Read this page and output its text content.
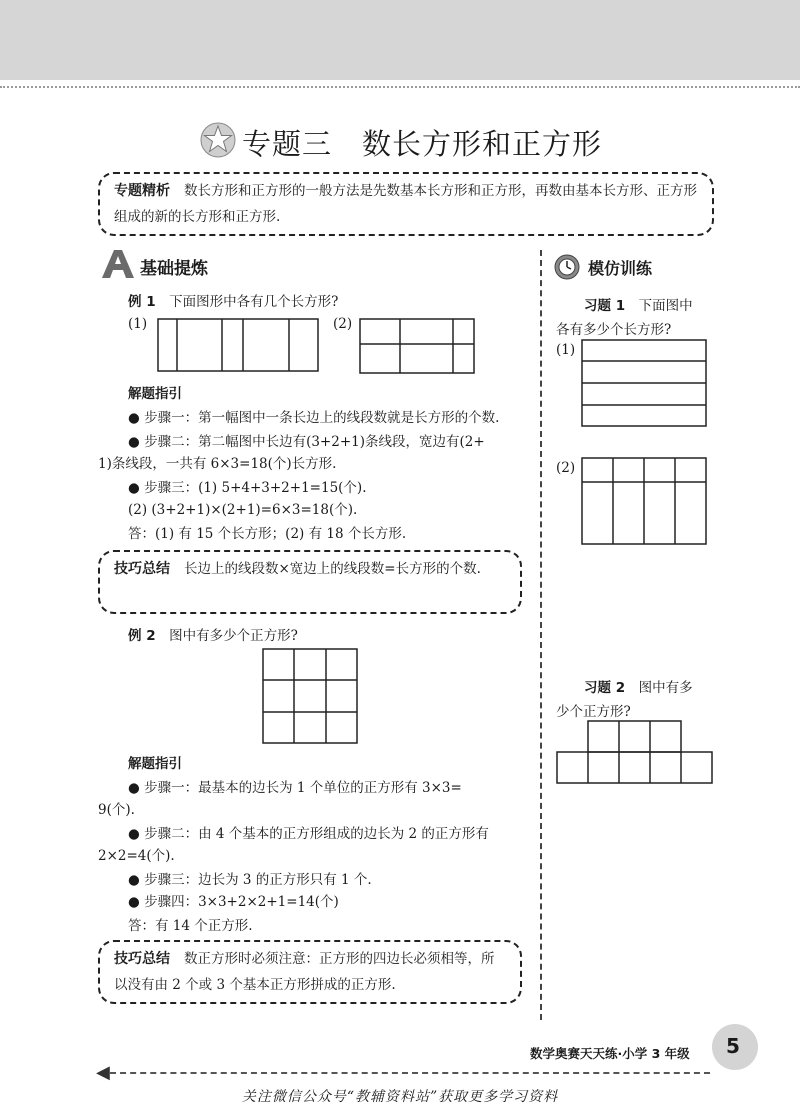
专题三　数长方形和正方形
专题精析 数长方形和正方形的一般方法是先数基本长方形和正方形，再数由基本长方形、正方形组成的新的长方形和正方形.
基础提炼
例 1　 下面图形中各有几个长方形?
(1)	(2)
解题指引
● 步骤一：第一幅图中一条长边上的线段数就是长方形的个数.
● 步骤二：第二幅图中长边有(3+2+1)条线段，宽边有(2+
1)条线段，一共有 6×3=18(个)长方形.
● 步骤三：(1) 5+4+3+2+1=15(个).
(2) (3+2+1)×(2+1)=6×3=18(个).
答：(1) 有 15 个长方形；(2) 有 18 个长方形.
技巧总结 长边上的线段数×宽边上的线段数=长方形的个数.
例 2　 图中有多少个正方形?
解题指引
● 步骤一：最基本的边长为 1 个单位的正方形有 3×3=
9(个).
● 步骤二：由 4 个基本的正方形组成的边长为 2 的正方形有
2×2=4(个).
● 步骤三：边长为 3 的正方形只有 1 个.
● 步骤四：3×3+2×2+1=14(个)
答：有 14 个正方形.
技巧总结 数正方形时必须注意：正方形的四边长必须相等，所以没有由 2 个或 3 个基本正方形拼成的正方形.
模仿训练
习题 1　 下面图中
各有多少个长方形?
(1)
(2)
习题 2　 图中有多
少个正方形?
数学奥赛天天练·小学 3 年级 5
◀
关注微信公众号“教辅资料站”获取更多学习资料
